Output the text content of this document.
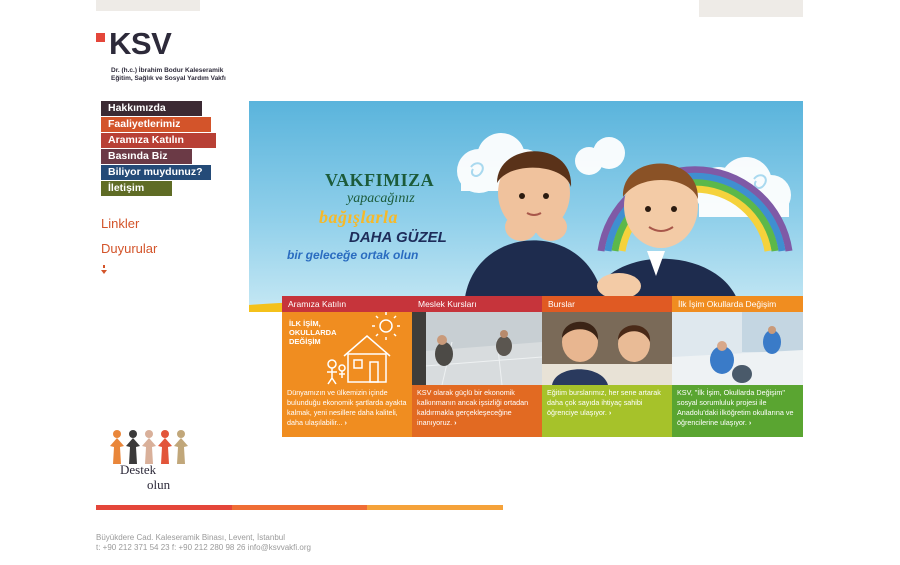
KSV
Dr. (h.c.) İbrahim Bodur Kaleseramik
Eğitim, Sağlık ve Sosyal Yardım Vakfı
Hakkımızda
Faaliyetlerimiz
Aramıza Katılın
Basında Biz
Biliyor muydunuz?
İletişim
Linkler
Duyurular
VAKFIMIZA
yapacağınız
bağışlarla
DAHA GÜZEL
bir geleceğe ortak olun
Aramıza Katılın
İLK İŞİM, OKULLARDA DEĞİŞİM
Dünyamızın ve ülkemizin içinde bulunduğu ekonomik şartlarda ayakta kalmak, yeni nesillere daha kaliteli, daha ulaşılabilir... ›
Meslek Kursları
KSV olarak güçlü bir ekonomik kalkınmanın ancak işsizliği ortadan kaldırmakla gerçekleşeceğine inanıyoruz. ›
Burslar
Eğitim burslarımız, her sene artarak daha çok sayıda ihtiyaç sahibi öğrenciye ulaşıyor. ›
İlk İşim Okullarda Değişim
KSV, "İlk İşim, Okullarda Değişim" sosyal sorumluluk projesi ile Anadolu'daki ilköğretim okullarına ve öğrencilerine ulaşıyor. ›
Destek
olun
Büyükdere Cad. Kaleseramik Binası, Levent, İstanbul
t: +90 212 371 54 23 f: +90 212 280 98 26 info@ksvvakfi.org
